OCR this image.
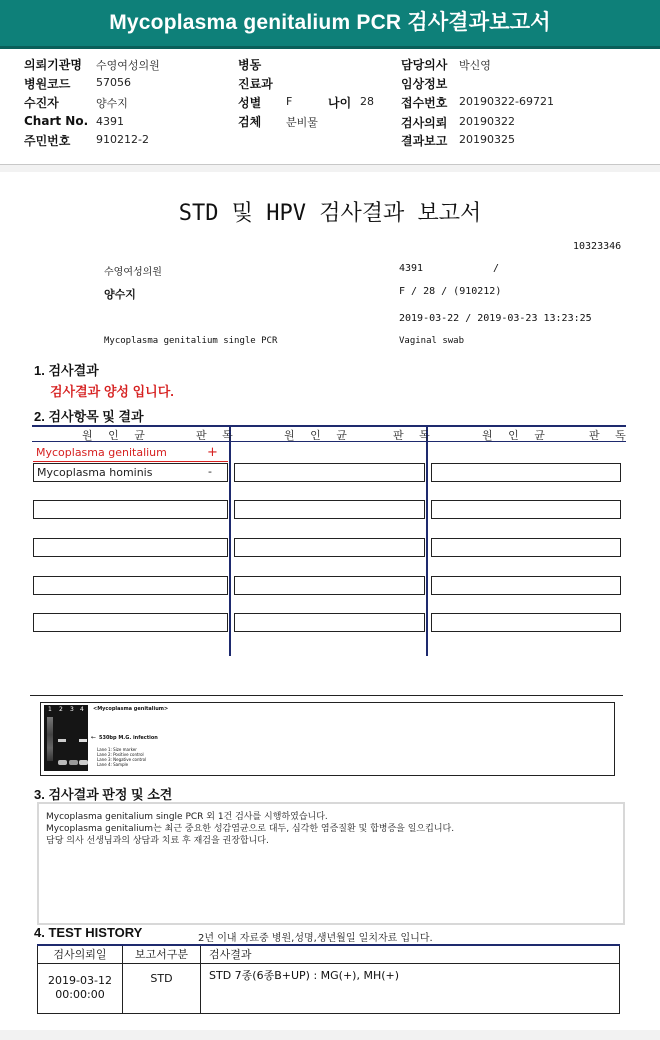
Mycoplasma genitalium PCR 검사결과보고서
의뢰기관명 수영여성의원
병원코드 57056
수진자	양수지
Chart No. 4391
주민번호 910212-2
병동
진료과
성별 F	나이 28
검체 분비물
담당의사 박신영
임상정보
접수번호 20190322-69721
검사의뢰 20190322
결과보고 20190325
STD 및 HPV 검사결과 보고서
10323346
수영여성의원	4391	/
양수지	F / 28 / (910212)
2019-03-22 / 2019-03-23 13:23:25
Mycoplasma genitalium single PCR	Vaginal swab
1. 검사결과
검사결과 양성 입니다.
2. 검사항목 및 결과
원 인 균	판 독	원 인 균	판 독	원 인 균	판 독
Mycoplasma genitalium	+
Mycoplasma hominis	-
1 2 3 4 <Mycoplasma genitalium>
← 530bp M.G. infection
Lane 1: Size marker
Lane 2: Positive control
Lane 3: Negative control
Lane 4: Sample
3. 검사결과 판정 및 소견
Mycoplasma genitalium single PCR 외 1건 검사를 시행하였습니다.
Mycoplasma genitalium는 최근 중요한 성감염균으로 대두, 심각한 염증질환 및 합병증을 일으킵니다.
담당 의사 선생님과의 상담과 치료 후 재검을 권장합니다.
4. TEST HISTORY	2년 이내 자료중 병원,성명,생년월일 일치자료 입니다.
검사의뢰일	보고서구분	검사결과

2019-03-12
00:00:00	STD	STD 7종(6종B+UP) : MG(+), MH(+)
